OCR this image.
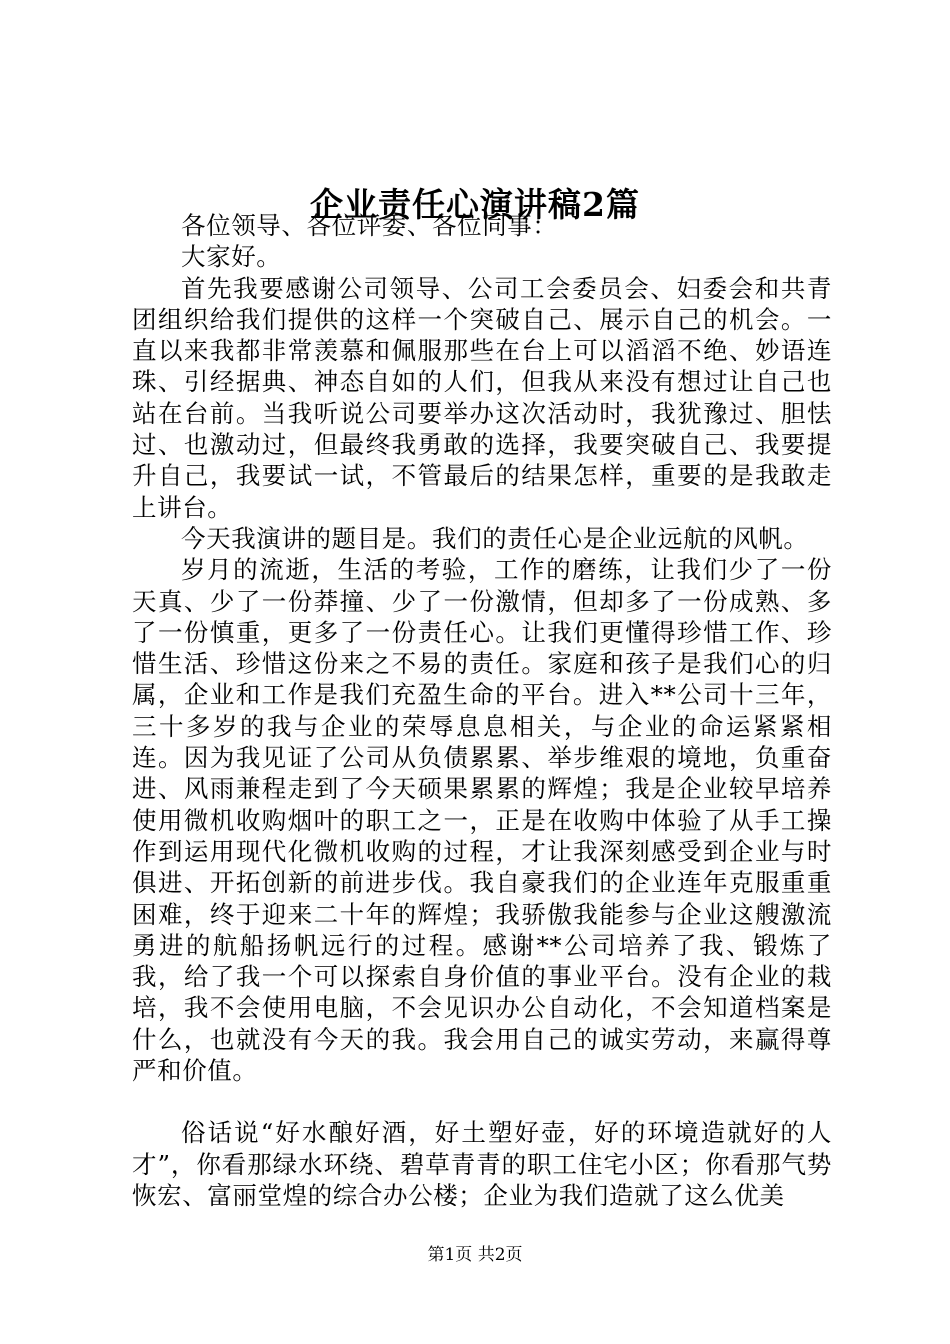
企业责任心演讲稿2篇

各位领导、各位评委、各位同事：

大家好。

首先我要感谢公司领导、公司工会委员会、妇委会和共青团组织给我们提供的这样一个突破自己、展示自己的机会。一直以来我都非常羡慕和佩服那些在台上可以滔滔不绝、妙语连珠、引经据典、神态自如的人们，但我从来没有想过让自己也站在台前。当我听说公司要举办这次活动时，我犹豫过、胆怯过、也激动过，但最终我勇敢的选择，我要突破自己、我要提升自己，我要试一试，不管最后的结果怎样，重要的是我敢走上讲台。

今天我演讲的题目是。我们的责任心是企业远航的风帆。

岁月的流逝，生活的考验，工作的磨练，让我们少了一份天真、少了一份莽撞、少了一份激情，但却多了一份成熟、多了一份慎重，更多了一份责任心。让我们更懂得珍惜工作、珍惜生活、珍惜这份来之不易的责任。家庭和孩子是我们心的归属，企业和工作是我们充盈生命的平台。进入**公司十三年，三十多岁的我与企业的荣辱息息相关，与企业的命运紧紧相连。因为我见证了公司从负债累累、举步维艰的境地，负重奋进、风雨兼程走到了今天硕果累累的辉煌；我是企业较早培养使用微机收购烟叶的职工之一，正是在收购中体验了从手工操作到运用现代化微机收购的过程，才让我深刻感受到企业与时俱进、开拓创新的前进步伐。我自豪我们的企业连年克服重重困难，终于迎来二十年的辉煌；我骄傲我能参与企业这艘激流勇进的航船扬帆远行的过程。感谢**公司培养了我、锻炼了我，给了我一个可以探索自身价值的事业平台。没有企业的栽培，我不会使用电脑，不会见识办公自动化，不会知道档案是什么，也就没有今天的我。我会用自己的诚实劳动，来赢得尊严和价值。

俗话说“好水酿好酒，好土塑好壶，好的环境造就好的人才”，你看那绿水环绕、碧草青青的职工住宅小区；你看那气势恢宏、富丽堂煌的综合办公楼；企业为我们造就了这么优美

第1页 共2页
